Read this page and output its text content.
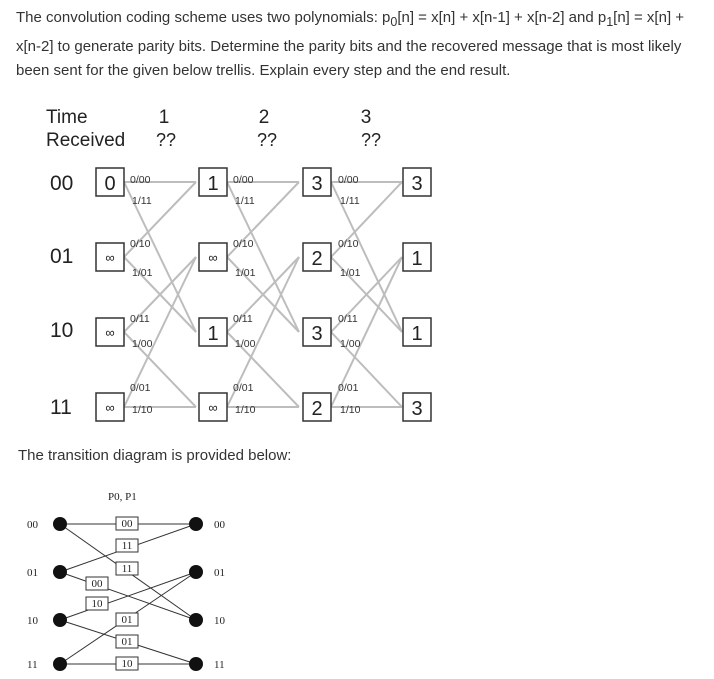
The convolution coding scheme uses two polynomials: $p_0[n] = x[n] + x[n-1] + x[n-2]$ and $p_1[n] = x[n] + x[n-2]$ to generate parity bits. Determine the parity bits and the recovered message that is most likely been sent for the given below trellis. Explain every step and the end result.

Time
Received
1	2	3
??	??	??
00
01
10
11
0
∞
∞
∞
1
∞
1
∞
3
2
3
2
3
1
1
3
0/00
1/11
0/10
1/01
0/11
1/00
0/01
1/10
0/00
1/11
0/10
1/01
0/11
1/00
0/01
1/10
0/00
1/11
0/10
1/01
0/11
1/00
0/01
1/10
P0, P1
00
01
10
11
00
01
10
11
00
11
11
01
01
10
00
10

The transition diagram is provided below:
